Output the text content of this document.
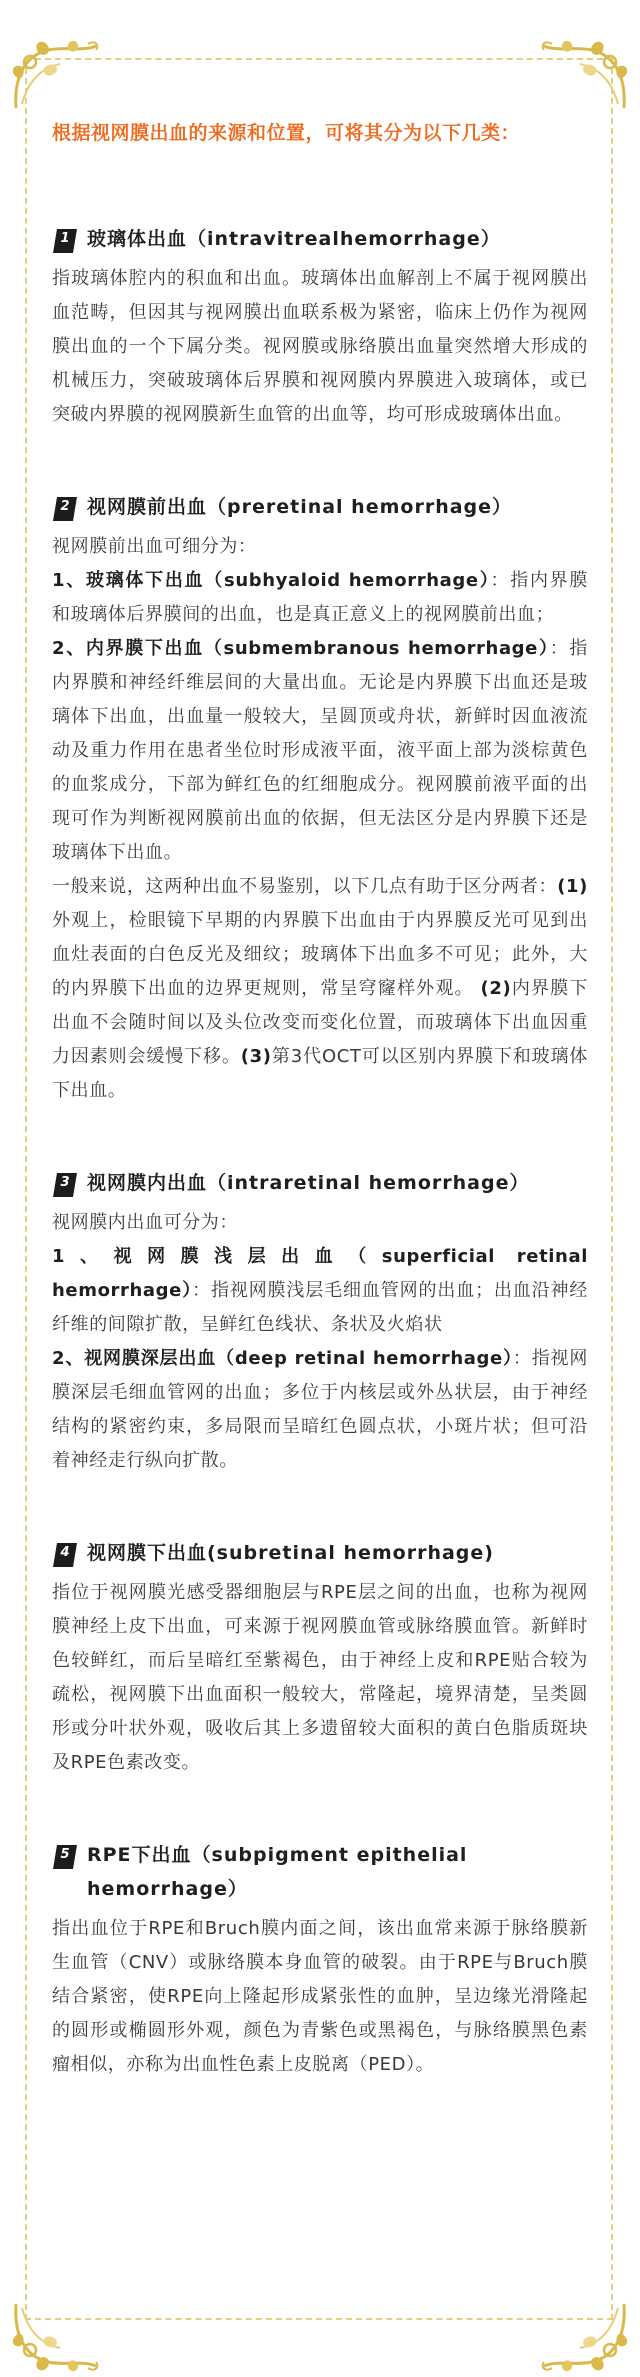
根据视网膜出血的来源和位置，可将其分为以下几类：

1 玻璃体出血（intravitrealhemorrhage）

指玻璃体腔内的积血和出血。玻璃体出血解剖上不属于视网膜出血范畴，但因其与视网膜出血联系极为紧密，临床上仍作为视网膜出血的一个下属分类。视网膜或脉络膜出血量突然增大形成的机械压力，突破玻璃体后界膜和视网膜内界膜进入玻璃体，或已突破内界膜的视网膜新生血管的出血等，均可形成玻璃体出血。

2 视网膜前出血（preretinal hemorrhage）

视网膜前出血可细分为：

1、玻璃体下出血（subhyaloid hemorrhage）：指内界膜和玻璃体后界膜间的出血，也是真正意义上的视网膜前出血；

2、内界膜下出血（submembranous hemorrhage）：指内界膜和神经纤维层间的大量出血。无论是内界膜下出血还是玻璃体下出血，出血量一般较大，呈圆顶或舟状，新鲜时因血液流动及重力作用在患者坐位时形成液平面，液平面上部为淡棕黄色的血浆成分，下部为鲜红色的红细胞成分。视网膜前液平面的出现可作为判断视网膜前出血的依据，但无法区分是内界膜下还是玻璃体下出血。

一般来说，这两种出血不易鉴别，以下几点有助于区分两者：(1)外观上，检眼镜下早期的内界膜下出血由于内界膜反光可见到出血灶表面的白色反光及细纹；玻璃体下出血多不可见；此外，大的内界膜下出血的边界更规则，常呈穹窿样外观。 (2)内界膜下出血不会随时间以及头位改变而变化位置，而玻璃体下出血因重力因素则会缓慢下移。(3)第3代OCT可以区别内界膜下和玻璃体下出血。

3 视网膜内出血（intraretinal hemorrhage）

视网膜内出血可分为：

1、视网膜浅层出血（superficial retinal hemorrhage）：指视网膜浅层毛细血管网的出血；出血沿神经纤维的间隙扩散，呈鲜红色线状、条状及火焰状

2、视网膜深层出血（deep retinal hemorrhage）：指视网膜深层毛细血管网的出血；多位于内核层或外丛状层，由于神经结构的紧密约束，多局限而呈暗红色圆点状，小斑片状；但可沿着神经走行纵向扩散。

4 视网膜下出血(subretinal hemorrhage)

指位于视网膜光感受器细胞层与RPE层之间的出血，也称为视网膜神经上皮下出血，可来源于视网膜血管或脉络膜血管。新鲜时色较鲜红，而后呈暗红至紫褐色，由于神经上皮和RPE贴合较为疏松，视网膜下出血面积一般较大，常隆起，境界清楚，呈类圆形或分叶状外观，吸收后其上多遗留较大面积的黄白色脂质斑块及RPE色素改变。

5 RPE下出血（subpigment epithelial hemorrhage）

指出血位于RPE和Bruch膜内面之间，该出血常来源于脉络膜新生血管（CNV）或脉络膜本身血管的破裂。由于RPE与Bruch膜结合紧密，使RPE向上隆起形成紧张性的血肿，呈边缘光滑隆起的圆形或椭圆形外观，颜色为青紫色或黑褐色，与脉络膜黑色素瘤相似，亦称为出血性色素上皮脱离（PED）。
